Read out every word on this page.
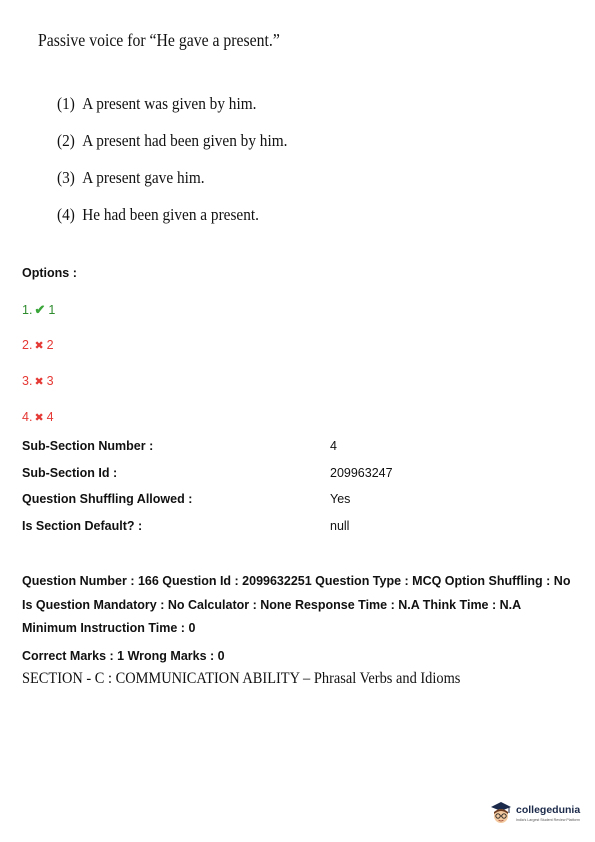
Passive voice for “He gave a present.”
(1) A present was given by him.
(2) A present had been given by him.
(3) A present gave him.
(4) He had been given a present.
Options :
1. ✔ 1
2. ✖ 2
3. ✖ 3
4. ✖ 4
Sub-Section Number :	4
Sub-Section Id :	209963247
Question Shuffling Allowed :	Yes
Is Section Default? :	null
Question Number : 166 Question Id : 2099632251 Question Type : MCQ Option Shuffling : No
Is Question Mandatory : No Calculator : None Response Time : N.A Think Time : N.A
Minimum Instruction Time : 0
Correct Marks : 1 Wrong Marks : 0
SECTION - C : COMMUNICATION ABILITY – Phrasal Verbs and Idioms
collegedunia
India's Largest Student Review Platform
